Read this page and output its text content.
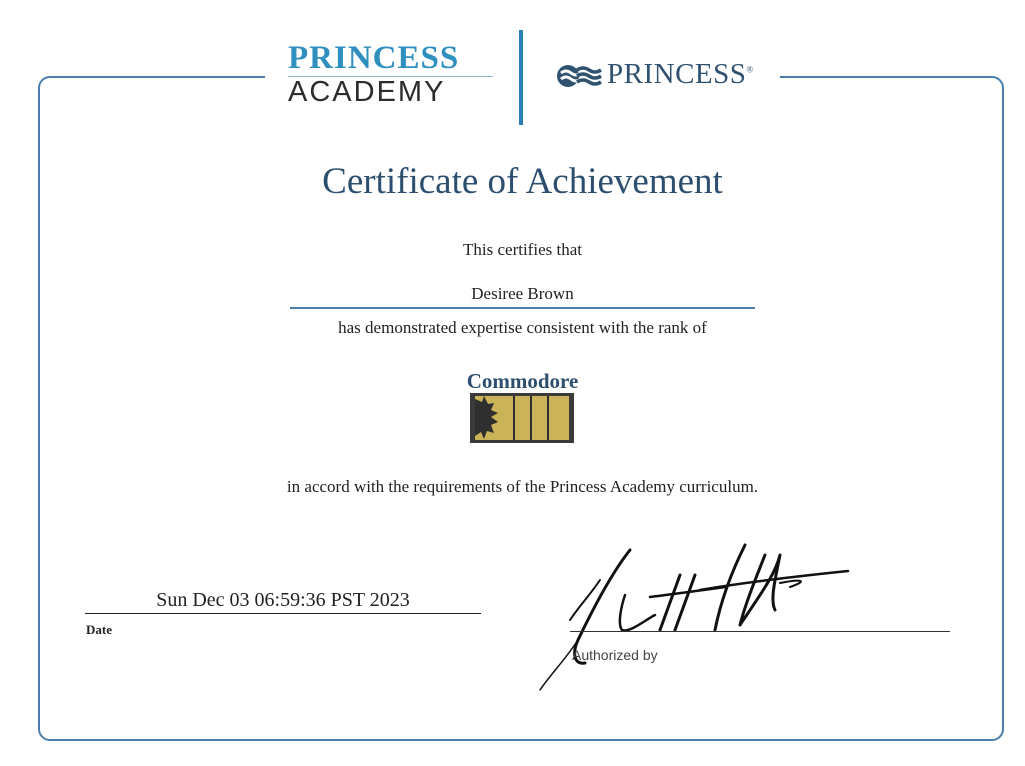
PRINCESS
ACADEMY
PRINCESS®
Certificate of Achievement
This certifies that
Desiree Brown
has demonstrated expertise consistent with the rank of
Commodore
in accord with the requirements of the Princess Academy curriculum.
Sun Dec 03 06:59:36 PST 2023
Date
Authorized by
